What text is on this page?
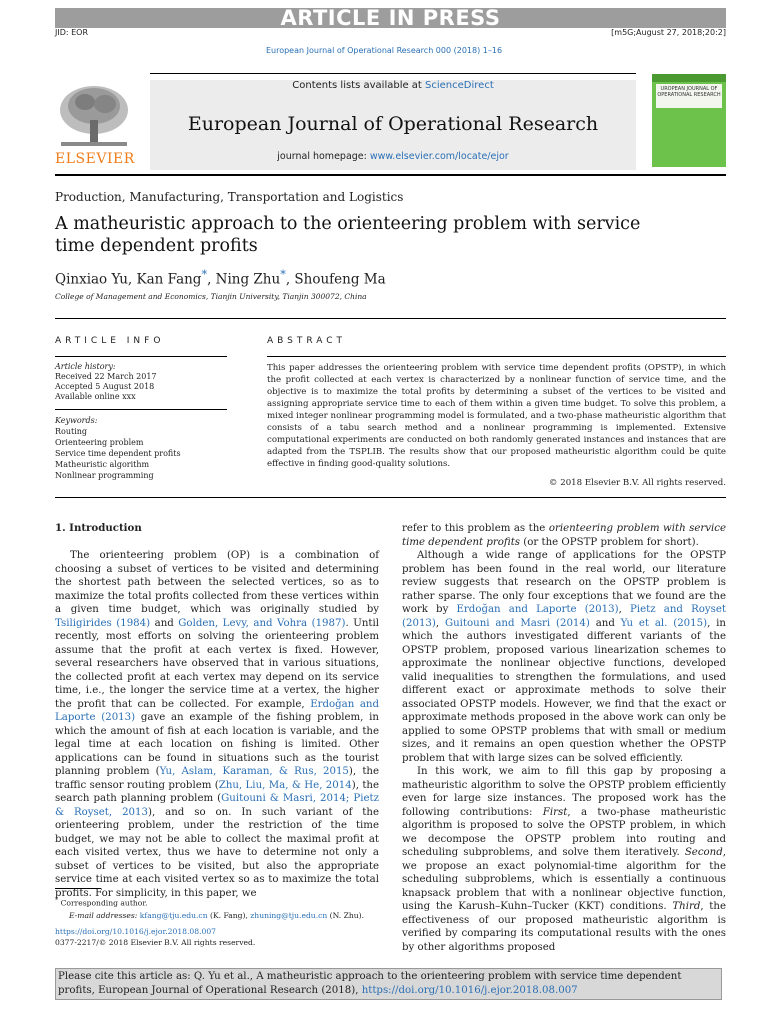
ARTICLE IN PRESS
JID: EOR	[m5G;August 27, 2018;20:2]
European Journal of Operational Research 000 (2018) 1–16
Contents lists available at ScienceDirect
European Journal of Operational Research
journal homepage: www.elsevier.com/locate/ejor
ELSEVIER
UROPEAN JOURNAL OF OPERATIONAL RESEARCH
Production, Manufacturing, Transportation and Logistics
A matheuristic approach to the orienteering problem with service time dependent profits
Qinxiao Yu, Kan Fang*, Ning Zhu*, Shoufeng Ma
College of Management and Economics, Tianjin University, Tianjin 300072, China
ARTICLE INFO	ABSTRACT
Article history:
Received 22 March 2017
Accepted 5 August 2018
Available online xxx
Keywords:
Routing
Orienteering problem
Service time dependent profits
Matheuristic algorithm
Nonlinear programming
This paper addresses the orienteering problem with service time dependent profits (OPSTP), in which the profit collected at each vertex is characterized by a nonlinear function of service time, and the objective is to maximize the total profits by determining a subset of the vertices to be visited and assigning appropriate service time to each of them within a given time budget. To solve this problem, a mixed integer nonlinear programming model is formulated, and a two-phase matheuristic algorithm that consists of a tabu search method and a nonlinear programming is implemented. Extensive computational experiments are conducted on both randomly generated instances and instances that are adapted from the TSPLIB. The results show that our proposed matheuristic algorithm could be quite effective in finding good-quality solutions.
© 2018 Elsevier B.V. All rights reserved.
1. Introduction

The orienteering problem (OP) is a combination of choosing a subset of vertices to be visited and determining the shortest path between the selected vertices, so as to maximize the total profits collected from these vertices within a given time budget, which was originally studied by Tsiligirides (1984) and Golden, Levy, and Vohra (1987). Until recently, most efforts on solving the orienteering problem assume that the profit at each vertex is fixed. However, several researchers have observed that in various situations, the collected profit at each vertex may depend on its service time, i.e., the longer the service time at a vertex, the higher the profit that can be collected. For example, Erdoğan and Laporte (2013) gave an example of the fishing problem, in which the amount of fish at each location is variable, and the legal time at each location on fishing is limited. Other applications can be found in situations such as the tourist planning problem (Yu, Aslam, Karaman, & Rus, 2015), the traffic sensor routing problem (Zhu, Liu, Ma, & He, 2014), the search path planning problem (Guitouni & Masri, 2014; Pietz & Royset, 2013), and so on. In such variant of the orienteering problem, under the restriction of the time budget, we may not be able to collect the maximal profit at each visited vertex, thus we have to determine not only a subset of vertices to be visited, but also the appropriate service time at each visited vertex so as to maximize the total profits. For simplicity, in this paper, we

refer to this problem as the orienteering problem with service time dependent profits (or the OPSTP problem for short).

Although a wide range of applications for the OPSTP problem has been found in the real world, our literature review suggests that research on the OPSTP problem is rather sparse. The only four exceptions that we found are the work by Erdoğan and Laporte (2013), Pietz and Royset (2013), Guitouni and Masri (2014) and Yu et al. (2015), in which the authors investigated different variants of the OPSTP problem, proposed various linearization schemes to approximate the nonlinear objective functions, developed valid inequalities to strengthen the formulations, and used different exact or approximate methods to solve their associated OPSTP models. However, we find that the exact or approximate methods proposed in the above work can only be applied to some OPSTP problems that with small or medium sizes, and it remains an open question whether the OPSTP problem that with large sizes can be solved efficiently.

In this work, we aim to fill this gap by proposing a matheuristic algorithm to solve the OPSTP problem efficiently even for large size instances. The proposed work has the following contributions: First, a two-phase matheuristic algorithm is proposed to solve the OPSTP problem, in which we decompose the OPSTP problem into routing and scheduling subproblems, and solve them iteratively. Second, we propose an exact polynomial-time algorithm for the scheduling subproblems, which is essentially a continuous knapsack problem that with a nonlinear objective function, using the Karush–Kuhn–Tucker (KKT) conditions. Third, the effectiveness of our proposed matheuristic algorithm is verified by comparing its computational results with the ones by other algorithms proposed

* Corresponding author.
E-mail addresses: kfang@tju.edu.cn (K. Fang), zhuning@tju.edu.cn (N. Zhu).
https://doi.org/10.1016/j.ejor.2018.08.007
0377-2217/© 2018 Elsevier B.V. All rights reserved.
Please cite this article as: Q. Yu et al., A matheuristic approach to the orienteering problem with service time dependent profits, European Journal of Operational Research (2018), https://doi.org/10.1016/j.ejor.2018.08.007
